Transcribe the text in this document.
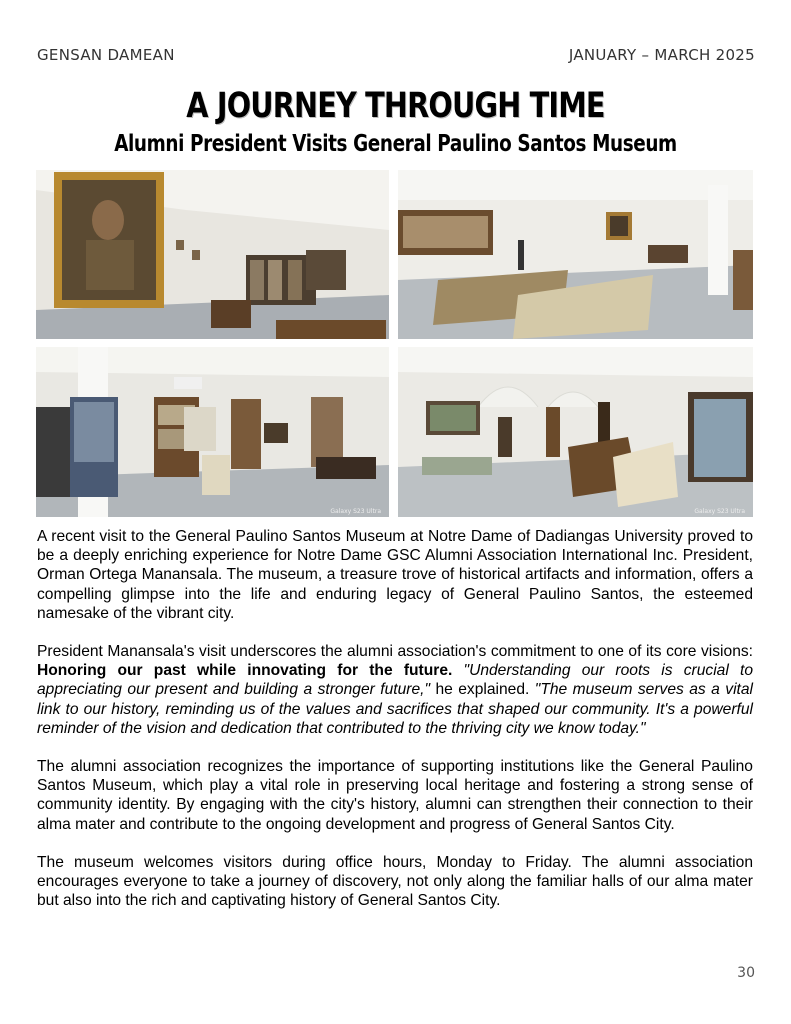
GENSAN DAMEAN	JANUARY – MARCH 2025
A JOURNEY THROUGH TIME
Alumni President Visits General Paulino Santos Museum
Galaxy S23 Ultra	Galaxy S23 Ultra

A recent visit to the General Paulino Santos Museum at Notre Dame of Dadiangas University proved to be a deeply enriching experience for Notre Dame GSC Alumni Association International Inc. President, Orman Ortega Manansala. The museum, a treasure trove of historical artifacts and information, offers a compelling glimpse into the life and enduring legacy of General Paulino Santos, the esteemed namesake of the vibrant city.

President Manansala's visit underscores the alumni association's commitment to one of its core visions: Honoring our past while innovating for the future. "Understanding our roots is crucial to appreciating our present and building a stronger future," he explained. "The museum serves as a vital link to our history, reminding us of the values and sacrifices that shaped our community. It's a powerful reminder of the vision and dedication that contributed to the thriving city we know today."

The alumni association recognizes the importance of supporting institutions like the General Paulino Santos Museum, which play a vital role in preserving local heritage and fostering a strong sense of community identity. By engaging with the city's history, alumni can strengthen their connection to their alma mater and contribute to the ongoing development and progress of General Santos City.

The museum welcomes visitors during office hours, Monday to Friday. The alumni association encourages everyone to take a journey of discovery, not only along the familiar halls of our alma mater but also into the rich and captivating history of General Santos City.

30
